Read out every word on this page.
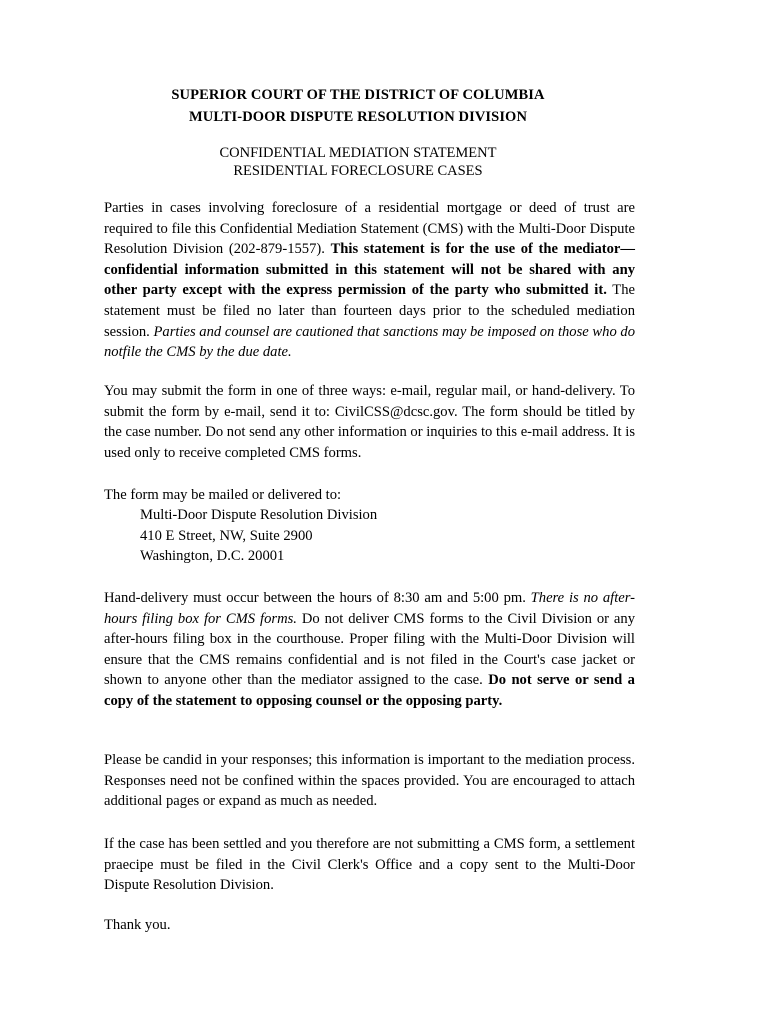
SUPERIOR COURT OF THE DISTRICT OF COLUMBIA
MULTI-DOOR DISPUTE RESOLUTION DIVISION
CONFIDENTIAL MEDIATION STATEMENT
RESIDENTIAL FORECLOSURE CASES
Parties in cases involving foreclosure of a residential mortgage or deed of trust are required to file this Confidential Mediation Statement (CMS) with the Multi-Door Dispute Resolution Division (202-879-1557). This statement is for the use of the mediator—confidential information submitted in this statement will not be shared with any other party except with the express permission of the party who submitted it. The statement must be filed no later than fourteen days prior to the scheduled mediation session. Parties and counsel are cautioned that sanctions may be imposed on those who do notfile the CMS by the due date.
You may submit the form in one of three ways: e-mail, regular mail, or hand-delivery. To submit the form by e-mail, send it to: CivilCSS@dcsc.gov. The form should be titled by the case number. Do not send any other information or inquiries to this e-mail address. It is used only to receive completed CMS forms.
The form may be mailed or delivered to:
Multi-Door Dispute Resolution Division
410 E Street, NW, Suite 2900
Washington, D.C. 20001
Hand-delivery must occur between the hours of 8:30 am and 5:00 pm. There is no after-hours filing box for CMS forms. Do not deliver CMS forms to the Civil Division or any after-hours filing box in the courthouse. Proper filing with the Multi-Door Division will ensure that the CMS remains confidential and is not filed in the Court's case jacket or shown to anyone other than the mediator assigned to the case. Do not serve or send a copy of the statement to opposing counsel or the opposing party.
Please be candid in your responses; this information is important to the mediation process. Responses need not be confined within the spaces provided. You are encouraged to attach additional pages or expand as much as needed.
If the case has been settled and you therefore are not submitting a CMS form, a settlement praecipe must be filed in the Civil Clerk's Office and a copy sent to the Multi-Door Dispute Resolution Division.
Thank you.
